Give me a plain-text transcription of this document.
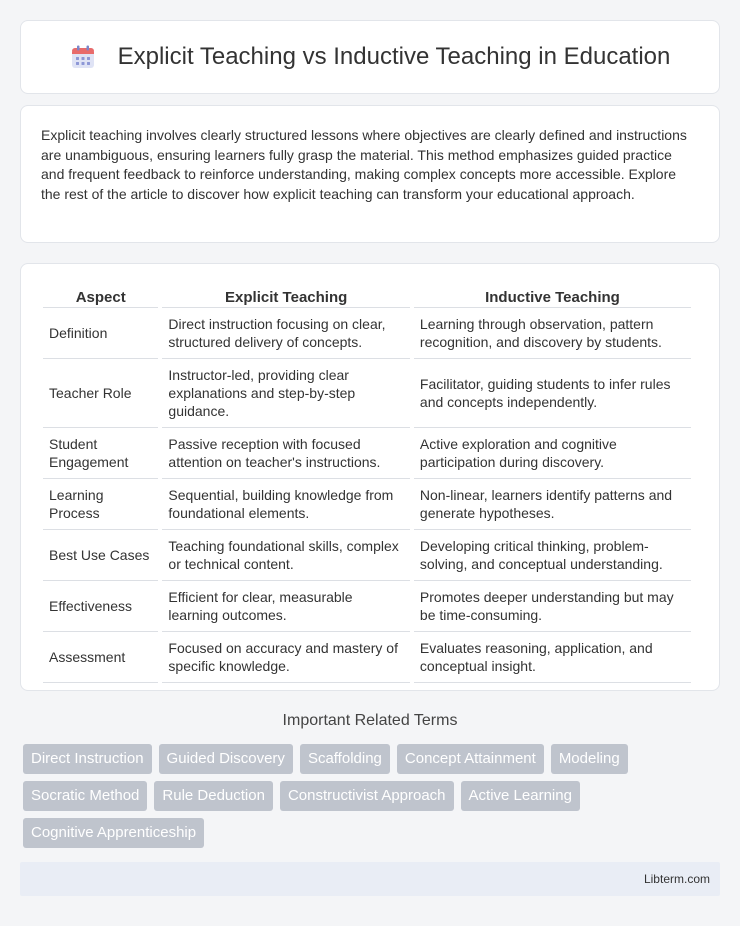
Explicit Teaching vs Inductive Teaching in Education

Explicit teaching involves clearly structured lessons where objectives are clearly defined and instructions are unambiguous, ensuring learners fully grasp the material. This method emphasizes guided practice and frequent feedback to reinforce understanding, making complex concepts more accessible. Explore the rest of the article to discover how explicit teaching can transform your educational approach.

Aspect	Explicit Teaching	Inductive Teaching
Definition	Direct instruction focusing on clear, structured delivery of concepts.	Learning through observation, pattern recognition, and discovery by students.
Teacher Role	Instructor-led, providing clear explanations and step-by-step guidance.	Facilitator, guiding students to infer rules and concepts independently.
Student Engagement	Passive reception with focused attention on teacher's instructions.	Active exploration and cognitive participation during discovery.
Learning Process	Sequential, building knowledge from foundational elements.	Non-linear, learners identify patterns and generate hypotheses.
Best Use Cases	Teaching foundational skills, complex or technical content.	Developing critical thinking, problem-solving, and conceptual understanding.
Effectiveness	Efficient for clear, measurable learning outcomes.	Promotes deeper understanding but may be time-consuming.
Assessment	Focused on accuracy and mastery of specific knowledge.	Evaluates reasoning, application, and conceptual insight.
Important Related Terms
Direct Instruction	Guided Discovery	Scaffolding	Concept Attainment	Modeling
Socratic Method	Rule Deduction	Constructivist Approach	Active Learning
Cognitive Apprenticeship
Libterm.com
